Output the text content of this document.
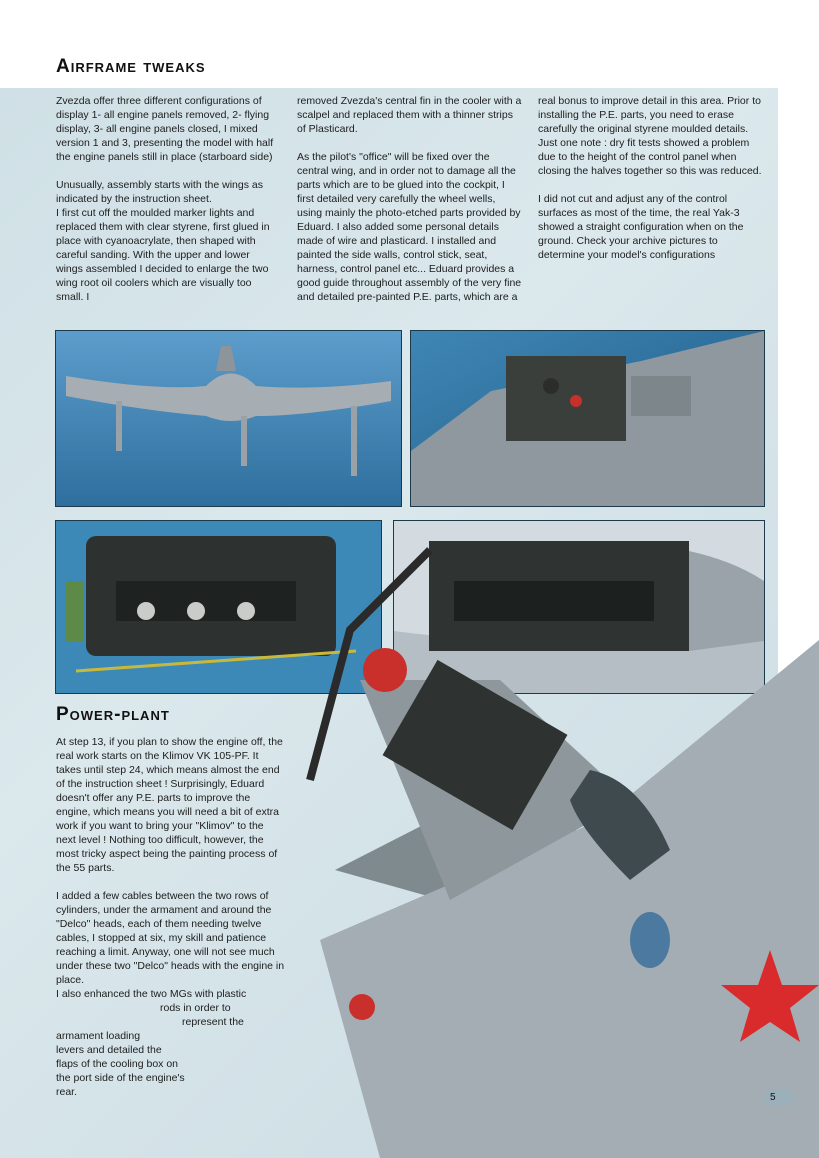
Airframe tweaks

Zvezda offer three different configurations of display 1- all engine panels removed, 2- flying display, 3- all engine panels closed, I mixed version 1 and 3, presenting the model with half the engine panels still in place (starboard side)

Unusually, assembly starts with the wings as indicated by the instruction sheet.

I first cut off the moulded marker lights and replaced them with clear styrene, first glued in place with cyanoacrylate, then shaped with careful sanding. With the upper and lower wings assembled I decided to enlarge the two wing root oil coolers which are visually too small. I

removed Zvezda's central fin in the cooler with a scalpel and replaced them with a thinner strips of Plasticard.

As the pilot's "office" will be fixed over the central wing, and in order not to damage all the parts which are to be glued into the cockpit, I first detailed very carefully the wheel wells, using mainly the photo-etched parts provided by Eduard. I also added some personal details made of wire and plasticard. I installed and painted the side walls, control stick, seat, harness, control panel etc... Eduard provides a good guide throughout assembly of the very fine and detailed pre-painted P.E. parts, which are a

real bonus to improve detail in this area. Prior to installing the P.E. parts, you need to erase carefully the original styrene moulded details. Just one note : dry fit tests showed a problem due to the height of the control panel when closing the halves together so this was reduced.

I did not cut and adjust any of the control surfaces as most of the time, the real Yak-3 showed a straight configuration when on the ground. Check your archive pictures to determine your model's configurations

Power-plant

At step 13, if you plan to show the engine off, the real work starts on the Klimov VK 105-PF. It takes until step 24, which means almost the end of the instruction sheet ! Surprisingly, Eduard doesn't offer any P.E. parts to improve the engine, which means you will need a bit of extra work if you want to bring your "Klimov" to the next level ! Nothing too difficult, however, the most tricky aspect being the painting process of the 55 parts.

I added a few cables between the two rows of cylinders, under the armament and around the "Delco" heads, each of them needing twelve cables, I stopped at six, my skill and patience reaching a limit. Anyway, one will not see much under these two "Delco" heads with the engine in place.

I also enhanced the two MGs with plastic
rods in order to
represent the
armament loading
levers and detailed the
flaps of the cooling box on
the port side of the engine's
rear.	5
